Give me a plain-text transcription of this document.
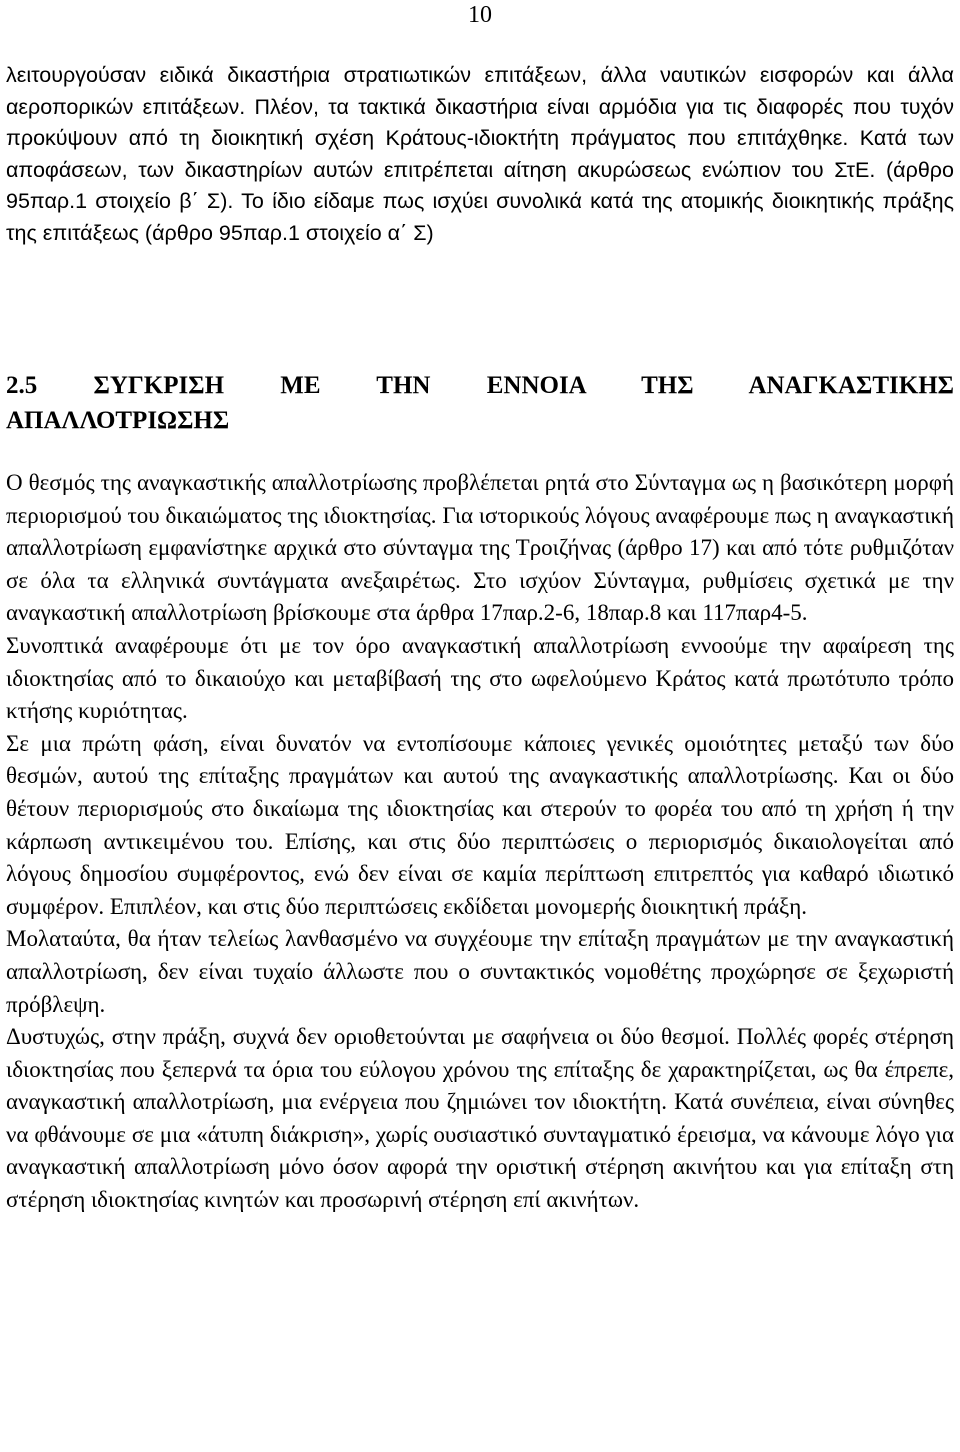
10
λειτουργούσαν ειδικά δικαστήρια στρατιωτικών επιτάξεων, άλλα ναυτικών εισφορών και άλλα αεροπορικών επιτάξεων. Πλέον, τα τακτικά δικαστήρια είναι αρμόδια για τις διαφορές που τυχόν προκύψουν από τη διοικητική σχέση Κράτους-ιδιοκτήτη πράγματος που επιτάχθηκε. Κατά των αποφάσεων, των δικαστηρίων αυτών επιτρέπεται αίτηση ακυρώσεως ενώπιον του ΣτΕ. (άρθρο 95παρ.1 στοιχείο β΄ Σ). Το ίδιο είδαμε πως ισχύει συνολικά κατά της ατομικής διοικητικής πράξης της επιτάξεως (άρθρο 95παρ.1 στοιχείο α΄ Σ)
2.5 ΣΥΓΚΡΙΣΗ ΜΕ ΤΗΝ ΕΝΝΟΙΑ ΤΗΣ ΑΝΑΓΚΑΣΤΙΚΗΣ
ΑΠΑΛΛΟΤΡΙΩΣΗΣ

Ο θεσμός της αναγκαστικής απαλλοτρίωσης προβλέπεται ρητά στο Σύνταγμα ως η βασικότερη μορφή περιορισμού του δικαιώματος της ιδιοκτησίας. Για ιστορικούς λόγους αναφέρουμε πως η αναγκαστική απαλλοτρίωση εμφανίστηκε αρχικά στο σύνταγμα της Τροιζήνας (άρθρο 17) και από τότε ρυθμιζόταν σε όλα τα ελληνικά συντάγματα ανεξαιρέτως. Στο ισχύον Σύνταγμα, ρυθμίσεις σχετικά με την αναγκαστική απαλλοτρίωση βρίσκουμε στα άρθρα 17παρ.2-6, 18παρ.8 και 117παρ4-5.

Συνοπτικά αναφέρουμε ότι με τον όρο αναγκαστική απαλλοτρίωση εννοούμε την αφαίρεση της ιδιοκτησίας από το δικαιούχο και μεταβίβασή της στο ωφελούμενο Κράτος κατά πρωτότυπο τρόπο κτήσης κυριότητας.

Σε μια πρώτη φάση, είναι δυνατόν να εντοπίσουμε κάποιες γενικές ομοιότητες μεταξύ των δύο θεσμών, αυτού της επίταξης πραγμάτων και αυτού της αναγκαστικής απαλλοτρίωσης. Και οι δύο θέτουν περιορισμούς στο δικαίωμα της ιδιοκτησίας και στερούν το φορέα του από τη χρήση ή την κάρπωση αντικειμένου του. Επίσης, και στις δύο περιπτώσεις ο περιορισμός δικαιολογείται από λόγους δημοσίου συμφέροντος, ενώ δεν είναι σε καμία περίπτωση επιτρεπτός για καθαρό ιδιωτικό συμφέρον. Επιπλέον, και στις δύο περιπτώσεις εκδίδεται μονομερής διοικητική πράξη.

Μολαταύτα, θα ήταν τελείως λανθασμένο να συγχέουμε την επίταξη πραγμάτων με την αναγκαστική απαλλοτρίωση, δεν είναι τυχαίο άλλωστε που ο συντακτικός νομοθέτης προχώρησε σε ξεχωριστή πρόβλεψη.

Δυστυχώς, στην πράξη, συχνά δεν οριοθετούνται με σαφήνεια οι δύο θεσμοί. Πολλές φορές στέρηση ιδιοκτησίας που ξεπερνά τα όρια του εύλογου χρόνου της επίταξης δε χαρακτηρίζεται, ως θα έπρεπε, αναγκαστική απαλλοτρίωση, μια ενέργεια που ζημιώνει τον ιδιοκτήτη. Κατά συνέπεια, είναι σύνηθες να φθάνουμε σε μια «άτυπη διάκριση», χωρίς ουσιαστικό συνταγματικό έρεισμα, να κάνουμε λόγο για αναγκαστική απαλλοτρίωση μόνο όσον αφορά την οριστική στέρηση ακινήτου και για επίταξη στη στέρηση ιδιοκτησίας κινητών και προσωρινή στέρηση επί ακινήτων.
